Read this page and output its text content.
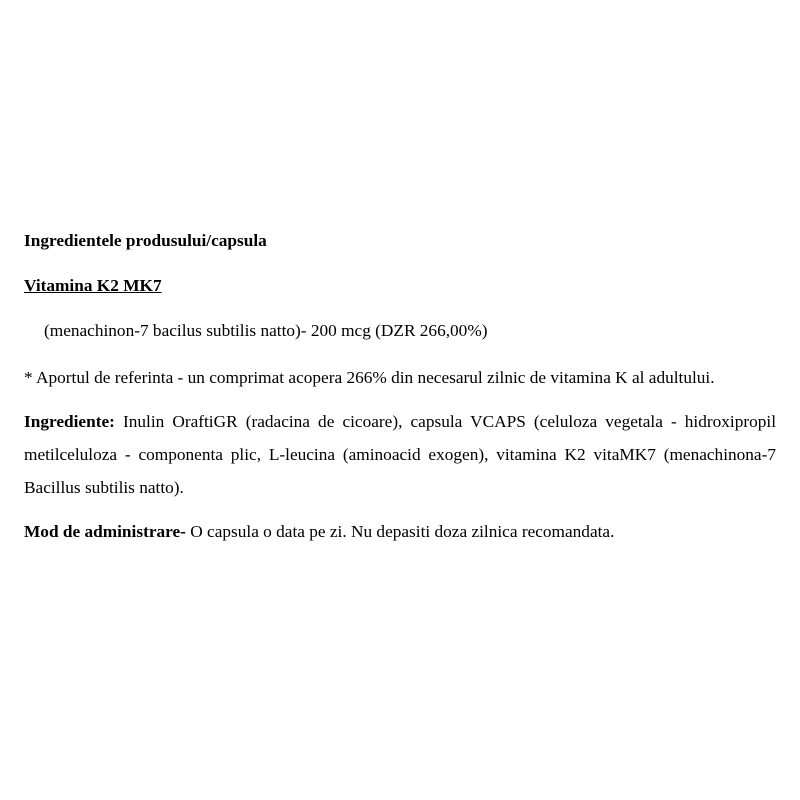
Ingredientele produsului/capsula

Vitamina K2 MK7

(menachinon-7 bacilus subtilis natto)- 200 mcg (DZR 266,00%)

* Aportul de referinta - un comprimat acopera 266% din necesarul zilnic de vitamina K al adultului.

Ingrediente: Inulin OraftiGR (radacina de cicoare), capsula VCAPS (celuloza vegetala - hidroxipropil metilceluloza - componenta plic, L-leucina (aminoacid exogen), vitamina K2 vitaMK7 (menachinona-7 Bacillus subtilis natto).

Mod de administrare- O capsula o data pe zi. Nu depasiti doza zilnica recomandata.
